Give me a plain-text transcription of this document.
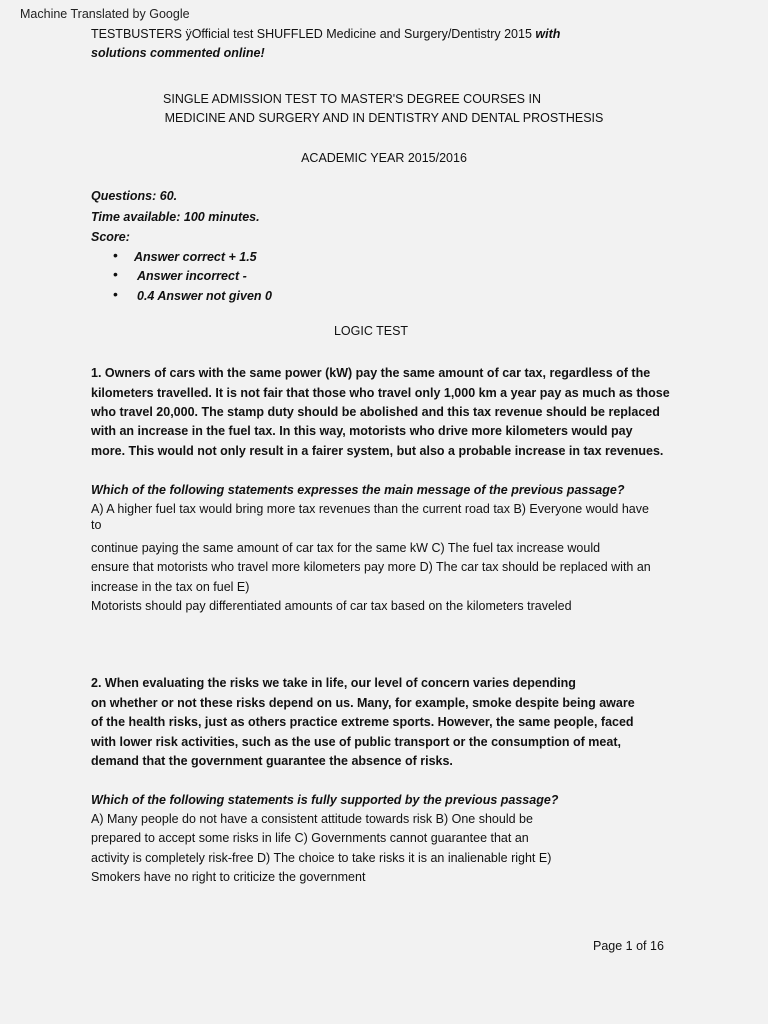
Machine Translated by Google
TESTBUSTERS ÿOfficial test SHUFFLED Medicine and Surgery/Dentistry 2015 with
solutions commented online!
SINGLE ADMISSION TEST TO MASTER'S DEGREE COURSES IN
MEDICINE AND SURGERY AND IN DENTISTRY AND DENTAL PROSTHESIS
ACADEMIC YEAR 2015/2016
Questions: 60.
Time available: 100 minutes.
Score:
• Answer correct + 1.5
• Answer incorrect -
• 0.4 Answer not given 0
LOGIC TEST
1. Owners of cars with the same power (kW) pay the same amount of car tax, regardless of the
kilometers travelled. It is not fair that those who travel only 1,000 km a year pay as much as those
who travel 20,000. The stamp duty should be abolished and this tax revenue should be replaced
with an increase in the fuel tax. In this way, motorists who drive more kilometers would pay
more. This would not only result in a fairer system, but also a probable increase in tax revenues.
Which of the following statements expresses the main message of the previous passage?
A) A higher fuel tax would bring more tax revenues than the current road tax B) Everyone would have
to
continue paying the same amount of car tax for the same kW C) The fuel tax increase would
ensure that motorists who travel more kilometers pay more D) The car tax should be replaced with an
increase in the tax on fuel E)
Motorists should pay differentiated amounts of car tax based on the kilometers traveled
2. When evaluating the risks we take in life, our level of concern varies depending
on whether or not these risks depend on us. Many, for example, smoke despite being aware
of the health risks, just as others practice extreme sports. However, the same people, faced
with lower risk activities, such as the use of public transport or the consumption of meat,
demand that the government guarantee the absence of risks.
Which of the following statements is fully supported by the previous passage?
A) Many people do not have a consistent attitude towards risk B) One should be
prepared to accept some risks in life C) Governments cannot guarantee that an
activity is completely risk-free D) The choice to take risks it is an inalienable right E)
Smokers have no right to criticize the government
Page 1 of 16
